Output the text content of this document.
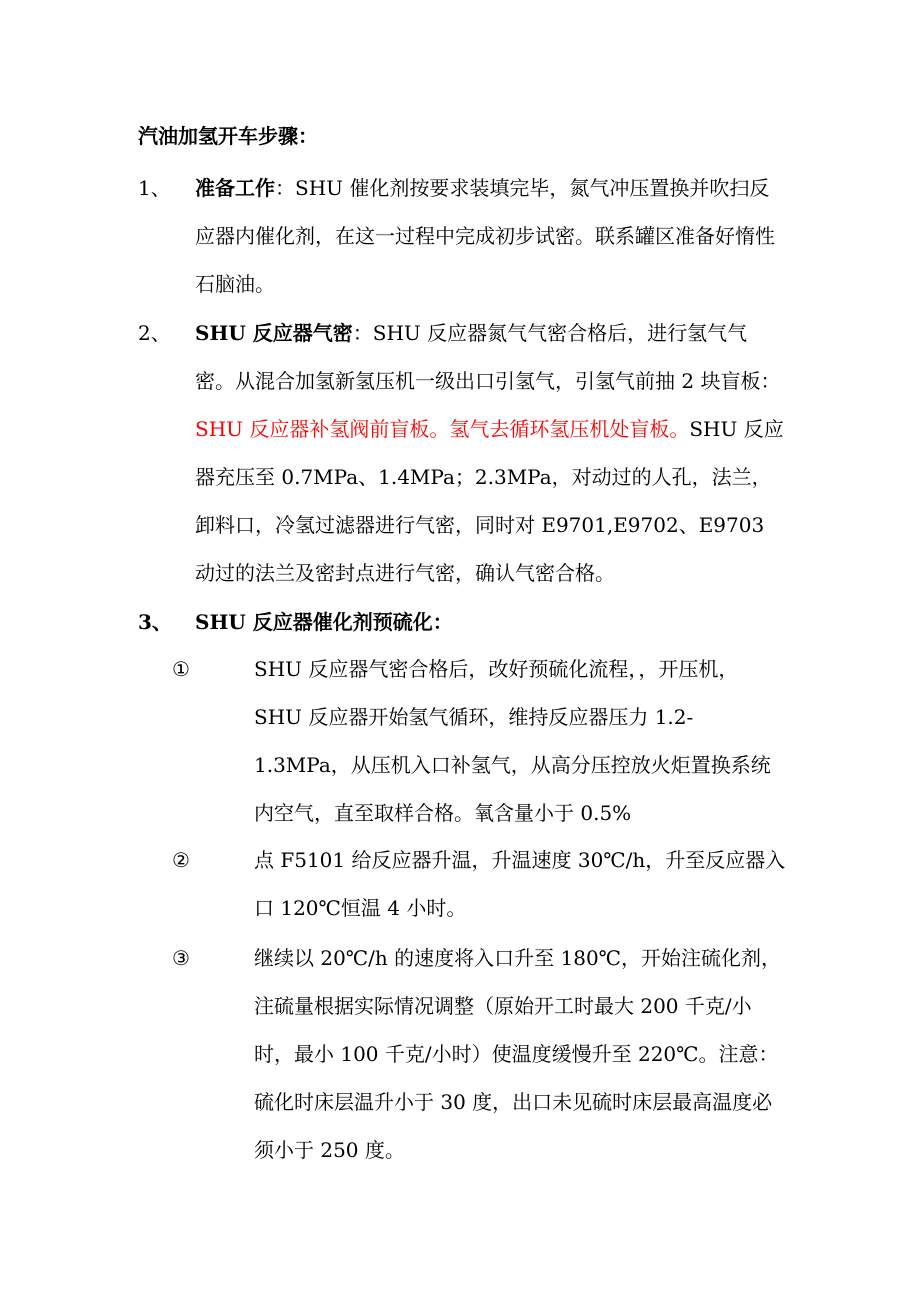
汽油加氢开车步骤：
1、 准备工作：SHU 催化剂按要求装填完毕，氮气冲压置换并吹扫反应器内催化剂，在这一过程中完成初步试密。联系罐区准备好惰性石脑油。
2、 SHU 反应器气密：SHU 反应器氮气气密合格后，进行氢气气密。从混合加氢新氢压机一级出口引氢气，引氢气前抽 2 块盲板：SHU 反应器补氢阀前盲板。氢气去循环氢压机处盲板。SHU 反应器充压至 0.7MPa、1.4MPa；2.3MPa，对动过的人孔，法兰，卸料口，冷氢过滤器进行气密，同时对 E9701,E9702、E9703 动过的法兰及密封点进行气密，确认气密合格。
3、 SHU 反应器催化剂预硫化：
①	SHU 反应器气密合格后，改好预硫化流程，，开压机，SHU 反应器开始氢气循环，维持反应器压力 1.2-1.3MPa，从压机入口补氢气，从高分压控放火炬置换系统内空气，直至取样合格。氧含量小于 0.5%
②	点 F5101 给反应器升温，升温速度 30℃/h，升至反应器入口 120℃恒温 4 小时。
③	继续以 20℃/h 的速度将入口升至 180℃，开始注硫化剂，注硫量根据实际情况调整（原始开工时最大 200 千克/小时，最小 100 千克/小时）使温度缓慢升至 220℃。注意：硫化时床层温升小于 30 度，出口未见硫时床层最高温度必须小于 250 度。
